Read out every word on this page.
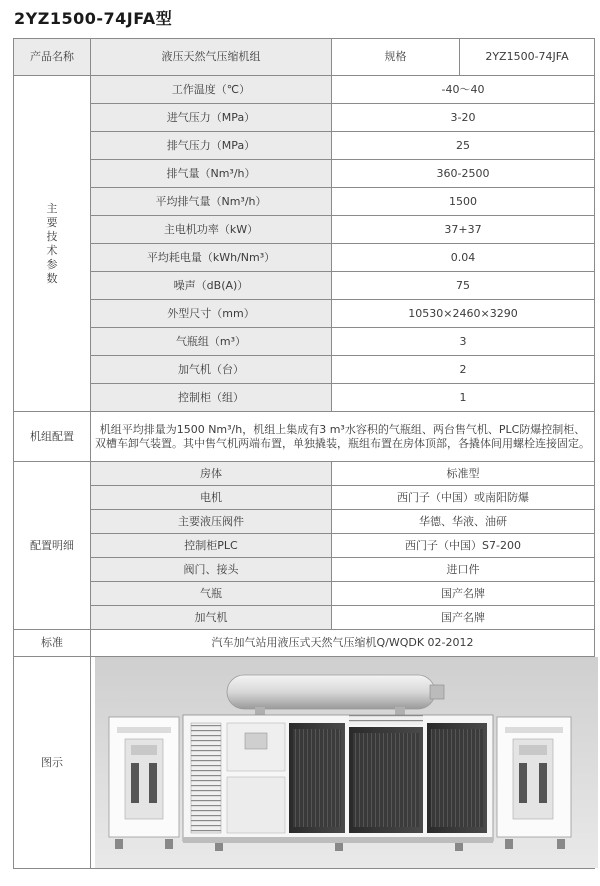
2YZ1500-74JFA型
产品名称	液压天然气压缩机组	规格	2YZ1500-74JFA
主要技术参数	工作温度（℃）	-40～40	
	进气压力（MPa）	3-20	
	排气压力（MPa）	25	
	排气量（Nm³/h）	360-2500	
	平均排气量（Nm³/h）	1500	
	主电机功率（kW）	37+37	
	平均耗电量（kWh/Nm³）	0.04	
	噪声（dB(A)）	75	
	外型尺寸（mm）	10530×2460×3290	
	气瓶组（m³）	3	
	加气机（台）	2	
	控制柜（组）	1	
机组配置	机组平均排量为1500 Nm³/h，机组上集成有3 m³水容积的气瓶组、两台售气机、PLC防爆控制柜、双槽车卸气装置。其中售气机两端布置，单独撬装，瓶组布置在房体顶部，各撬体间用螺栓连接固定。		
配置明细	房体	标准型	
	电机	西门子（中国）或南阳防爆	
	主要液压阀件	华德、华液、油研	
	控制柜PLC	西门子（中国）S7-200	
	阀门、接头	进口件	
	气瓶	国产名牌	
	加气机	国产名牌	
标准	汽车加气站用液压式天然气压缩机Q/WQDK 02-2012		
图示	
